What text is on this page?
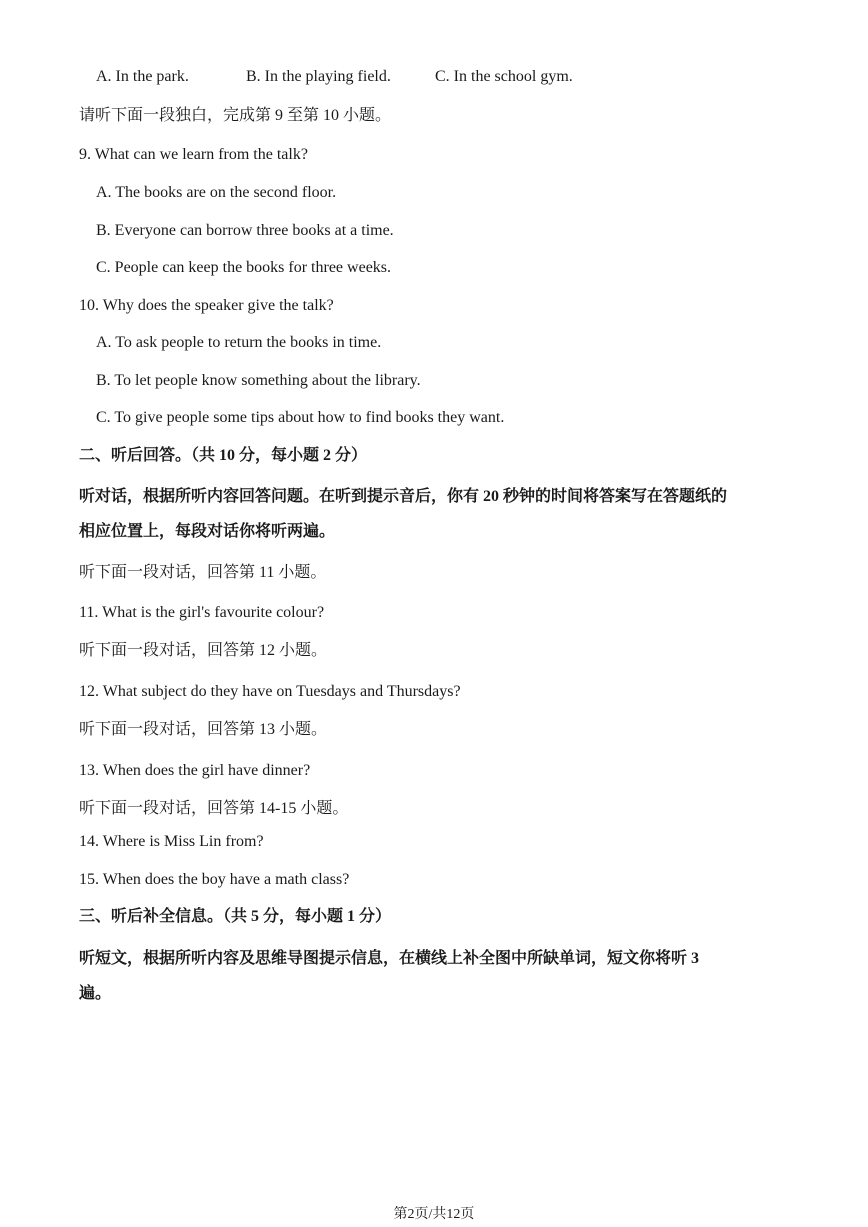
A. In the park.	B. In the playing field.	C. In the school gym.
请听下面一段独白，完成第 9 至第 10 小题。
9. What can we learn from the talk?
A. The books are on the second floor.
B. Everyone can borrow three books at a time.
C. People can keep the books for three weeks.
10. Why does the speaker give the talk?
A. To ask people to return the books in time.
B. To let people know something about the library.
C. To give people some tips about how to find books they want.
二、听后回答。（共 10 分，每小题 2 分）
听对话，根据所听内容回答问题。在听到提示音后，你有 20 秒钟的时间将答案写在答题纸的
相应位置上，每段对话你将听两遍。
听下面一段对话，回答第 11 小题。
11. What is the girl's favourite colour?
听下面一段对话，回答第 12 小题。
12. What subject do they have on Tuesdays and Thursdays?
听下面一段对话，回答第 13 小题。
13. When does the girl have dinner?
听下面一段对话，回答第 14-15 小题。
14. Where is Miss Lin from?
15. When does the boy have a math class?
三、听后补全信息。（共 5 分，每小题 1 分）
听短文，根据所听内容及思维导图提示信息，在横线上补全图中所缺单词，短文你将听 3
遍。
第2页/共12页
